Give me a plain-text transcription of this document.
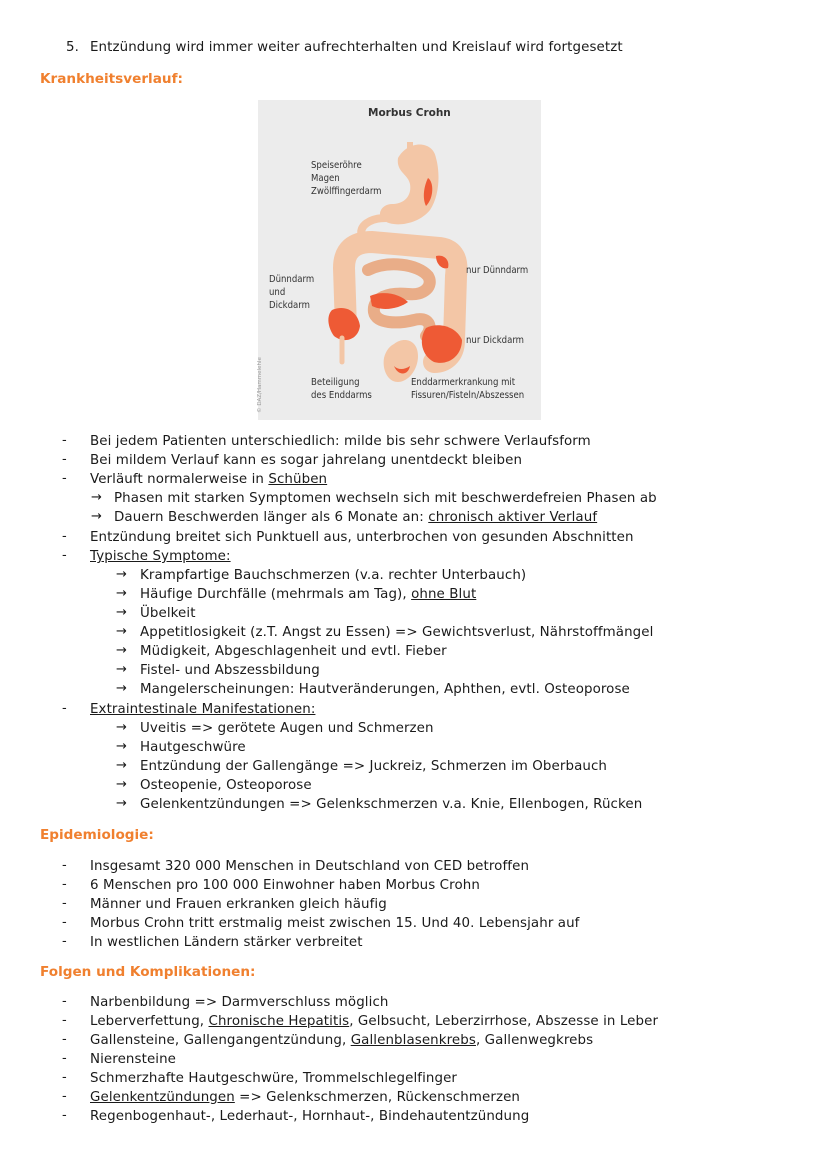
5. Entzündung wird immer weiter aufrechterhalten und Kreislauf wird fortgesetzt
Krankheitsverlauf:
Morbus Crohn
Speiseröhre
Magen
Zwölffingerdarm
Dünndarm
und
Dickdarm
nur Dünndarm
nur Dickdarm
Beteiligung
des Enddarms
Enddarmerkrankung mit
Fissuren/Fisteln/Abszessen
© DAZ/Hammelehle
- Bei jedem Patienten unterschiedlich: milde bis sehr schwere Verlaufsform
- Bei mildem Verlauf kann es sogar jahrelang unentdeckt bleiben
- Verläuft normalerweise in Schüben
→ Phasen mit starken Symptomen wechseln sich mit beschwerdefreien Phasen ab
→ Dauern Beschwerden länger als 6 Monate an: chronisch aktiver Verlauf
- Entzündung breitet sich Punktuell aus, unterbrochen von gesunden Abschnitten
- Typische Symptome:
→ Krampfartige Bauchschmerzen (v.a. rechter Unterbauch)
→ Häufige Durchfälle (mehrmals am Tag), ohne Blut
→ Übelkeit
→ Appetitlosigkeit (z.T. Angst zu Essen) => Gewichtsverlust, Nährstoffmängel
→ Müdigkeit, Abgeschlagenheit und evtl. Fieber
→ Fistel- und Abszessbildung
→ Mangelerscheinungen: Hautveränderungen, Aphthen, evtl. Osteoporose
- Extraintestinale Manifestationen:
→ Uveitis => gerötete Augen und Schmerzen
→ Hautgeschwüre
→ Entzündung der Gallengänge => Juckreiz, Schmerzen im Oberbauch
→ Osteopenie, Osteoporose
→ Gelenkentzündungen => Gelenkschmerzen v.a. Knie, Ellenbogen, Rücken
Epidemiologie:
- Insgesamt 320 000 Menschen in Deutschland von CED betroffen
- 6 Menschen pro 100 000 Einwohner haben Morbus Crohn
- Männer und Frauen erkranken gleich häufig
- Morbus Crohn tritt erstmalig meist zwischen 15. Und 40. Lebensjahr auf
- In westlichen Ländern stärker verbreitet
Folgen und Komplikationen:
- Narbenbildung => Darmverschluss möglich
- Leberverfettung, Chronische Hepatitis, Gelbsucht, Leberzirrhose, Abszesse in Leber
- Gallensteine, Gallengangentzündung, Gallenblasenkrebs, Gallenwegkrebs
- Nierensteine
- Schmerzhafte Hautgeschwüre, Trommelschlegelfinger
- Gelenkentzündungen => Gelenkschmerzen, Rückenschmerzen
- Regenbogenhaut-, Lederhaut-, Hornhaut-, Bindehautentzündung
